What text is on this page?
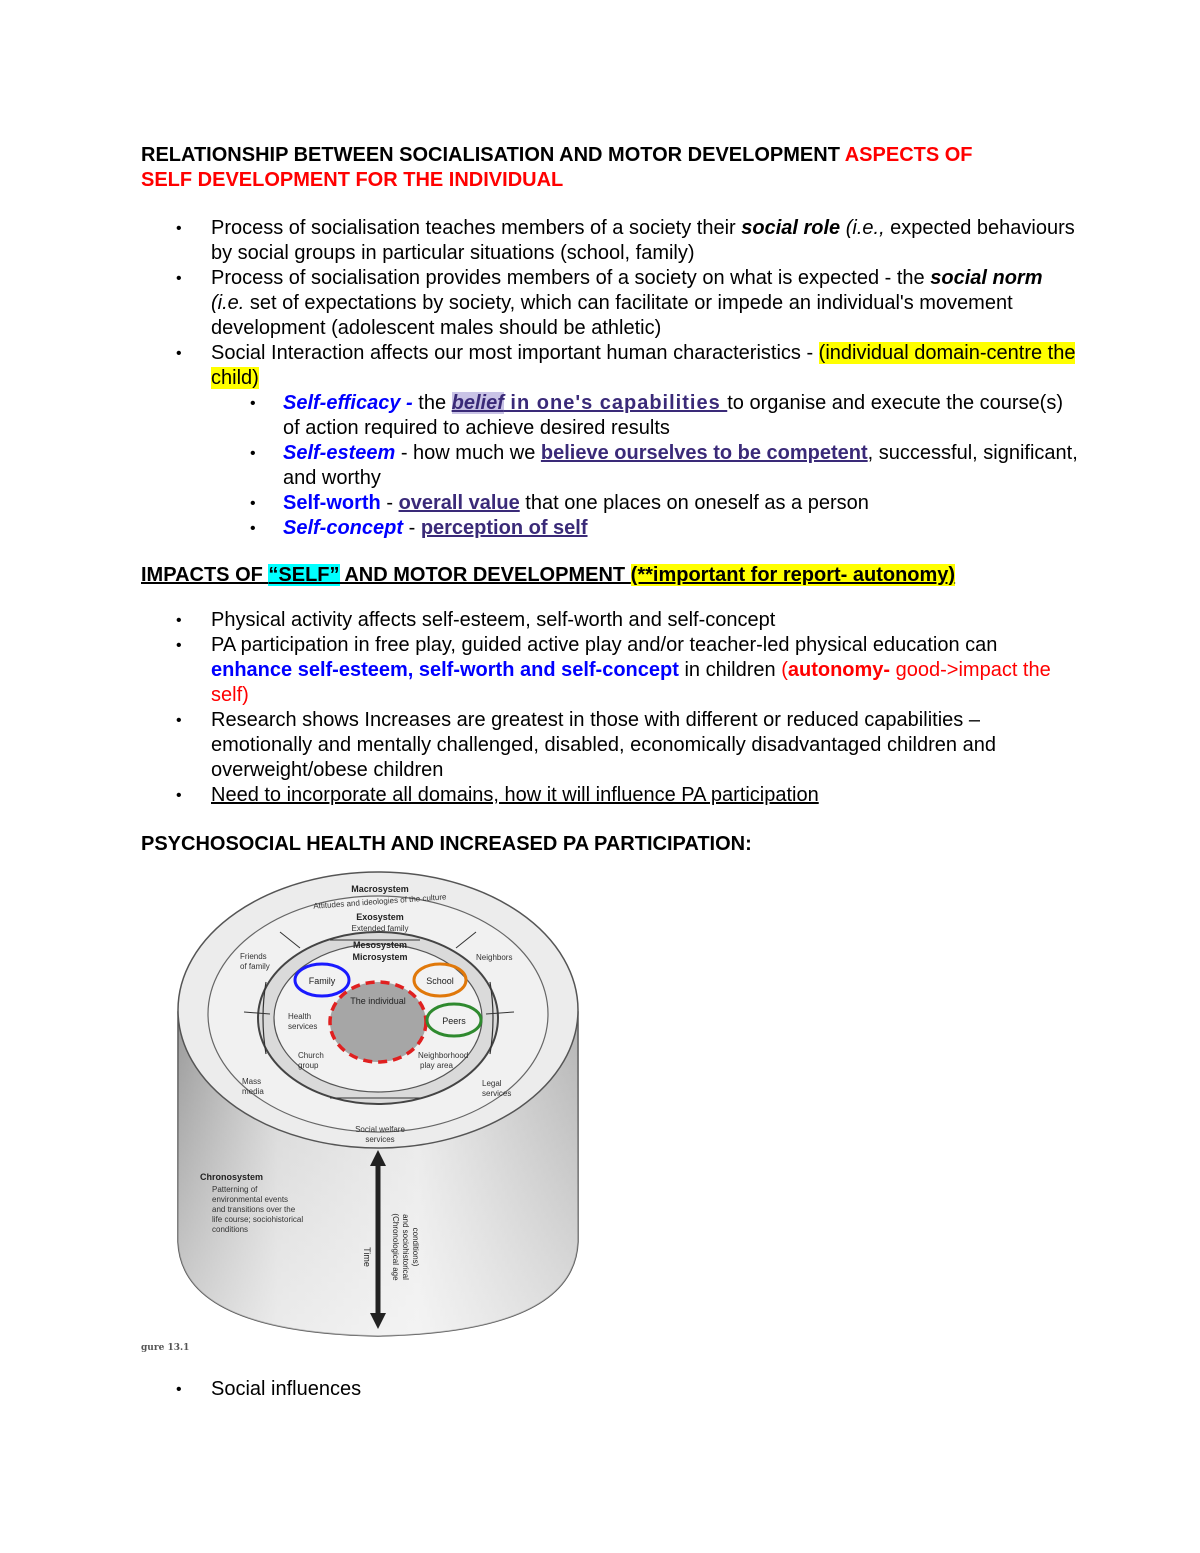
RELATIONSHIP BETWEEN SOCIALISATION AND MOTOR DEVELOPMENT ASPECTS OF
SELF DEVELOPMENT FOR THE INDIVIDUAL
• Process of socialisation teaches members of a society their social role (i.e., expected behaviours by social groups in particular situations (school, family)
• Process of socialisation provides members of a society on what is expected - the social norm (i.e. set of expectations by society, which can facilitate or impede an individual's movement development (adolescent males should be athletic)
• Social Interaction affects our most important human characteristics - (individual domain-centre the child)
• Self-efficacy - the belief in one's capabilities to organise and execute the course(s) of action required to achieve desired results
• Self-esteem - how much we believe ourselves to be competent, successful, significant, and worthy
• Self-worth - overall value that one places on oneself as a person
• Self-concept - perception of self
IMPACTS OF “SELF” AND MOTOR DEVELOPMENT (**important for report- autonomy)
• Physical activity affects self-esteem, self-worth and self-concept
• PA participation in free play, guided active play and/or teacher-led physical education can enhance self-esteem, self-worth and self-concept in children (autonomy- good->impact the self)
• Research shows Increases are greatest in those with different or reduced capabilities – emotionally and mentally challenged, disabled, economically disadvantaged children and overweight/obese children
• Need to incorporate all domains, how it will influence PA participation
PSYCHOSOCIAL HEALTH AND INCREASED PA PARTICIPATION:
The individual
Family	School
Peers
Macrosystem
Attitudes and ideologies of the culture
Exosystem
Extended family
Mesosystem
Microsystem
Friends
of family
Neighbors
Health
services
Church
group
Neighborhood
play area
Mass
media
Legal
services
Social welfare
services
Chronosystem
Patterning of
environmental events
and transitions over the
life course; sociohistorical
conditions
Time (Chronological age and sociohistorical conditions)
gure 13.1
• Social influences
